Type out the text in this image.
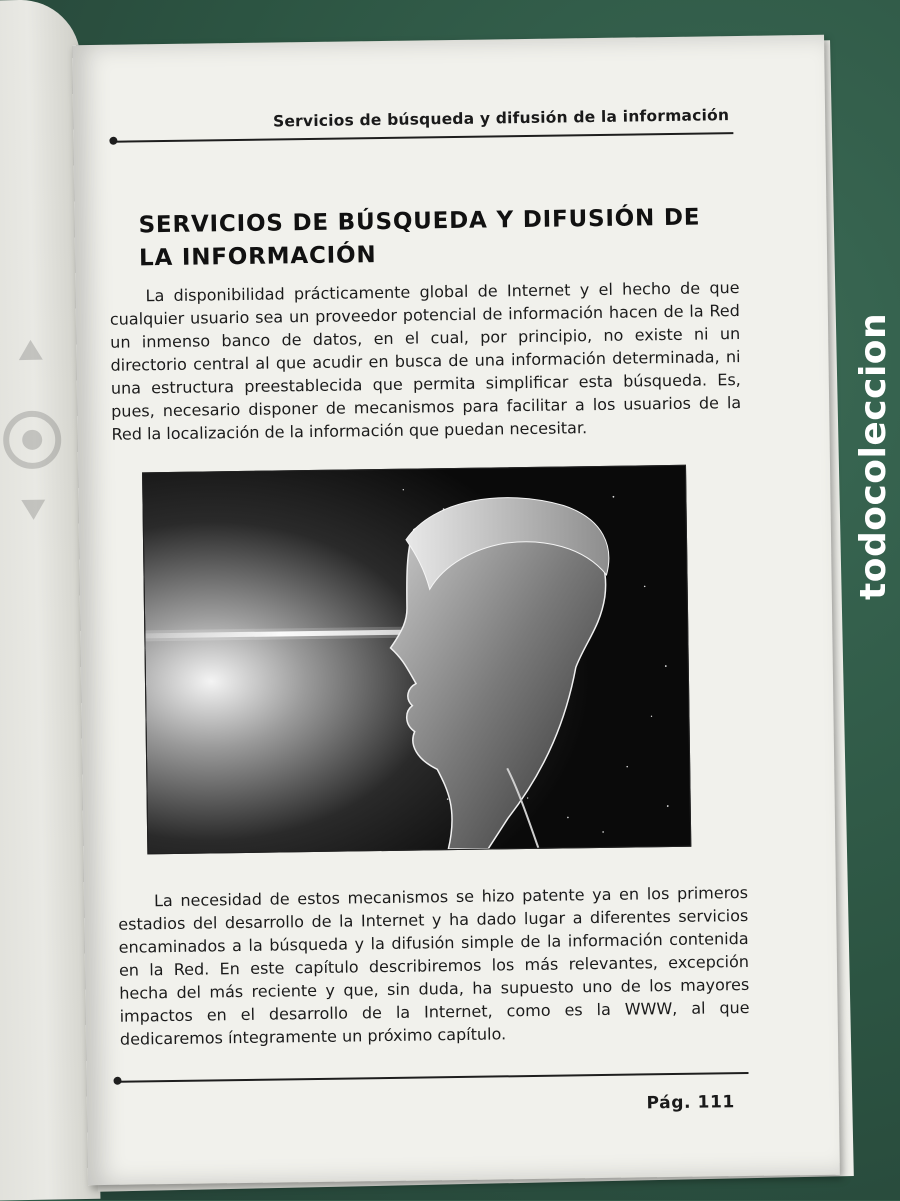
Servicios de búsqueda y difusión de la información
SERVICIOS DE BÚSQUEDA Y DIFUSIÓN DE LA INFORMACIÓN

La disponibilidad prácticamente global de Internet y el hecho de que cualquier usuario sea un proveedor potencial de información hacen de la Red un inmenso banco de datos, en el cual, por principio, no existe ni un directorio central al que acudir en busca de una información determinada, ni una estructura preestablecida que permita simplificar esta búsqueda. Es, pues, necesario disponer de mecanismos para facilitar a los usuarios de la Red la localización de la información que puedan necesitar.

La necesidad de estos mecanismos se hizo patente ya en los primeros estadios del desarrollo de la Internet y ha dado lugar a diferentes servicios encaminados a la búsqueda y la difusión simple de la información contenida en la Red. En este capítulo describiremos los más relevantes, excepción hecha del más reciente y que, sin duda, ha supuesto uno de los mayores impactos en el desarrollo de la Internet, como es la WWW, al que dedicaremos íntegramente un próximo capítulo.

Pág. 111
todocoleccion
